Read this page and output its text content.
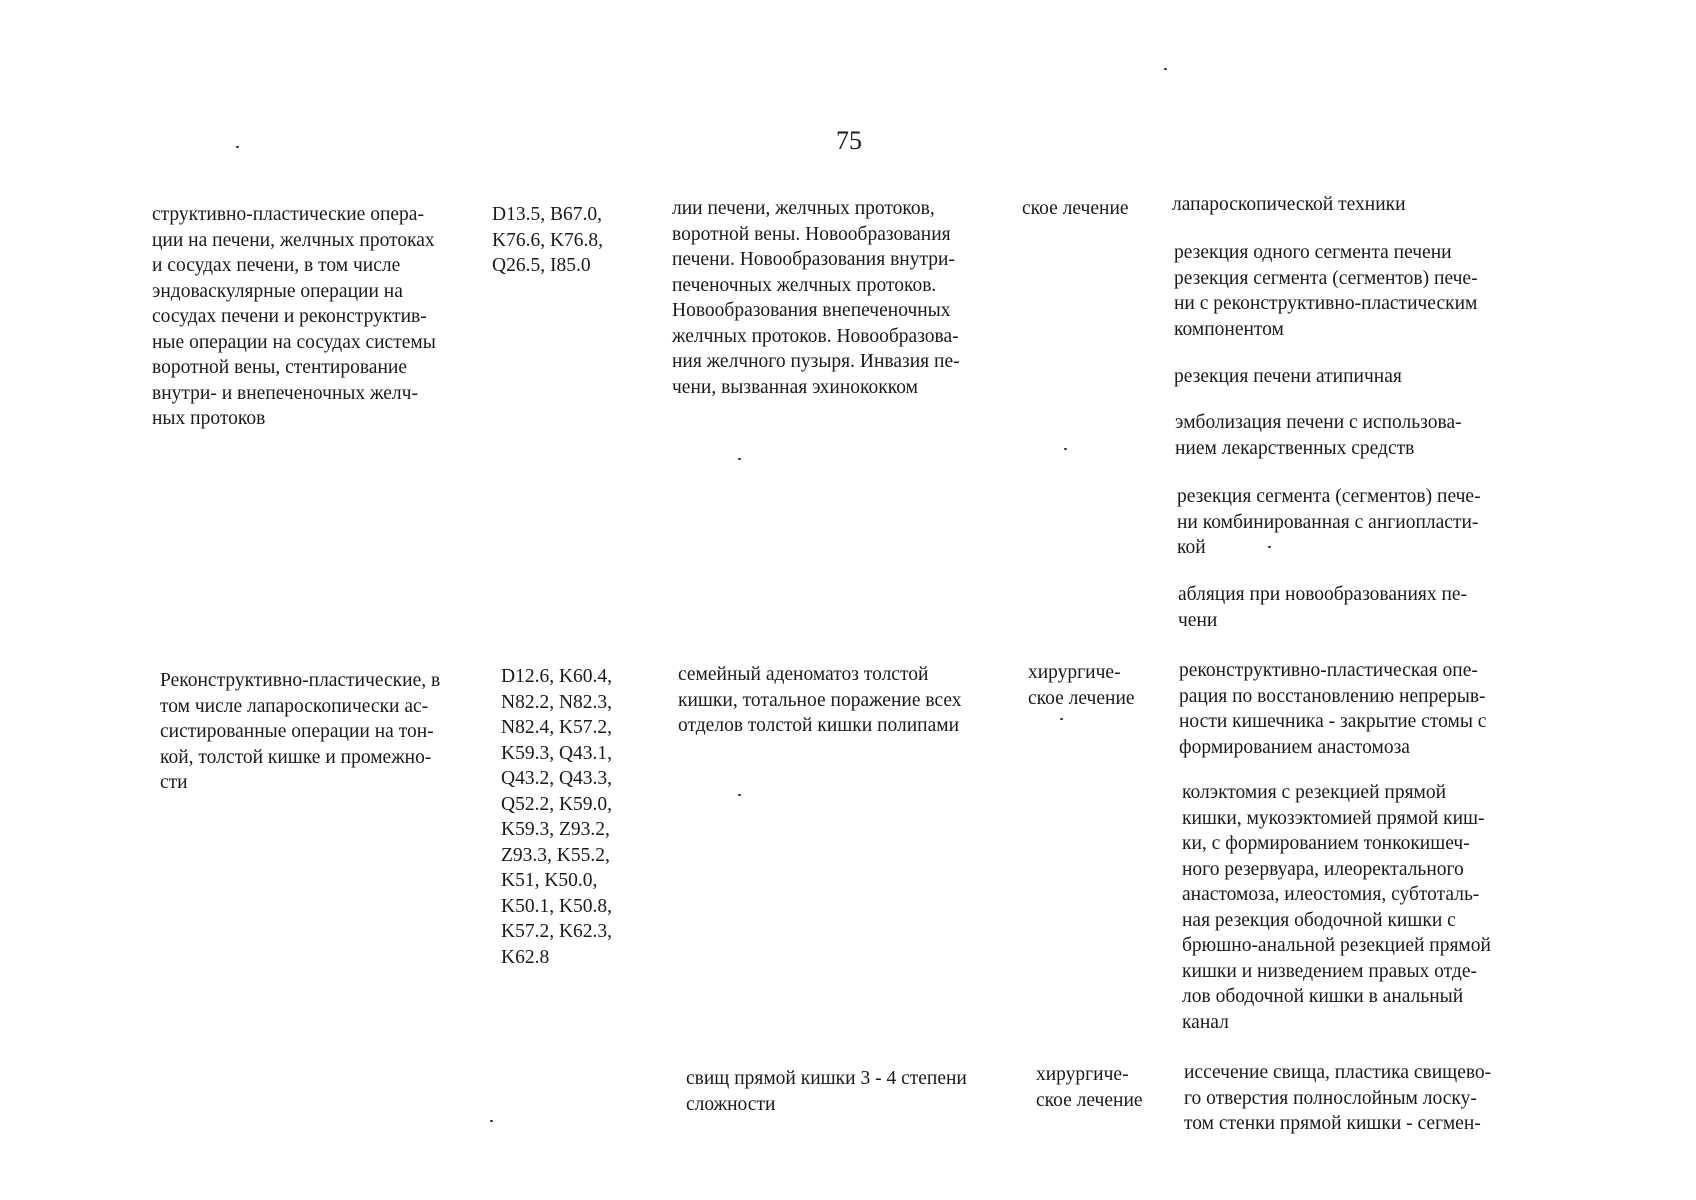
75

структивно-пластические опера-
ции на печени, желчных протоках
и сосудах печени, в том числе
эндоваскулярные операции на
сосудах печени и реконструктив-
ные операции на сосудах системы
воротной вены, стентирование
внутри- и внепеченочных желч-
ных протоков

D13.5, B67.0,
K76.6, K76.8,
Q26.5, I85.0

лии печени, желчных протоков,
воротной вены. Новообразования
печени. Новообразования внутри-
печеночных желчных протоков.
Новообразования внепеченочных
желчных протоков. Новообразова-
ния желчного пузыря. Инвазия пе-
чени, вызванная эхинококком

ское лечение лапароскопической техники

резекция одного сегмента печени
резекция сегмента (сегментов) пече-
ни с реконструктивно-пластическим
компонентом

резекция печени атипичная

эмболизация печени с использова-
нием лекарственных средств

резекция сегмента (сегментов) пече-
ни комбинированная с ангиопласти-
кой

абляция при новообразованиях пе-
чени

Реконструктивно-пластические, в
том числе лапароскопически ас-
систированные операции на тон-
кой, толстой кишке и промежно-
сти

D12.6, K60.4,
N82.2, N82.3,
N82.4, K57.2,
K59.3, Q43.1,
Q43.2, Q43.3,
Q52.2, K59.0,
K59.3, Z93.2,
Z93.3, K55.2,
K51, K50.0,
K50.1, K50.8,
K57.2, K62.3,
K62.8

семейный аденоматоз толстой
кишки, тотальное поражение всех
отделов толстой кишки полипами

хирургиче-
ское лечение

реконструктивно-пластическая опе-
рация по восстановлению непрерыв-
ности кишечника - закрытие стомы с
формированием анастомоза

колэктомия с резекцией прямой
кишки, мукозэктомией прямой киш-
ки, с формированием тонкокишеч-
ного резервуара, илеоректального
анастомоза, илеостомия, субтоталь-
ная резекция ободочной кишки с
брюшно-анальной резекцией прямой
кишки и низведением правых отде-
лов ободочной кишки в анальный
канал

свищ прямой кишки 3 - 4 степени
сложности

хирургиче-
ское лечение

иссечение свища, пластика свищево-
го отверстия полнослойным лоску-
том стенки прямой кишки - сегмен-
